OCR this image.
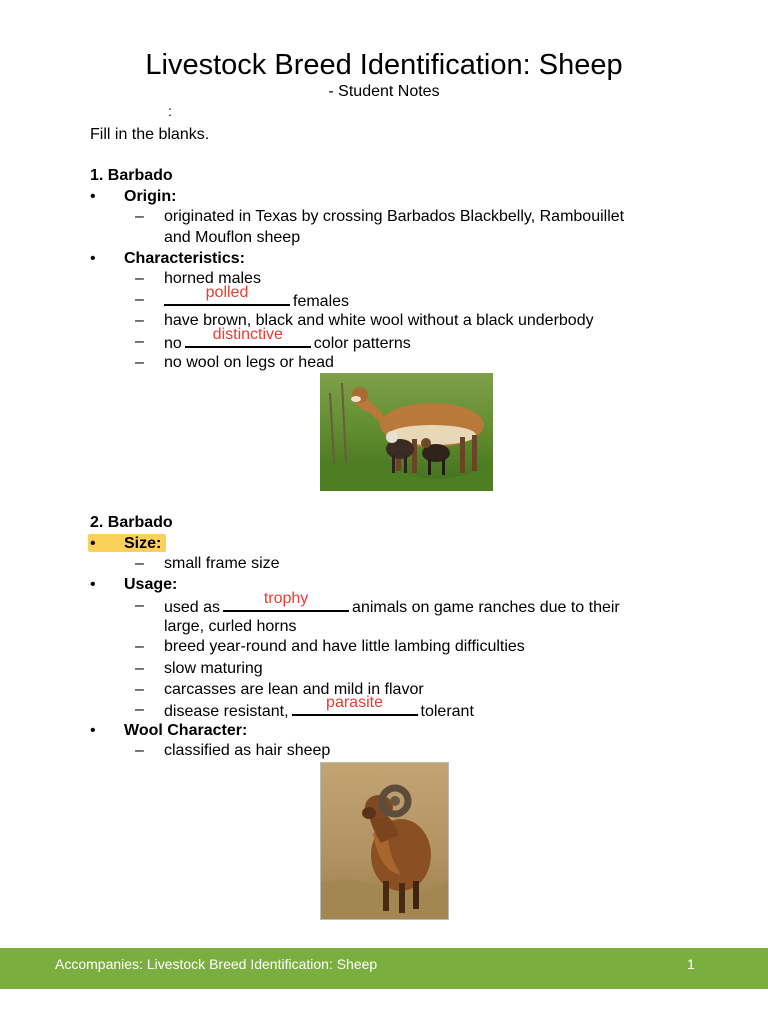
Livestock Breed Identification: Sheep
- Student Notes
:
Fill in the blanks.
1. Barbado
• Origin:
– originated in Texas by crossing Barbados Blackbelly, Rambouillet
and Mouflon sheep
• Characteristics:
– horned males
–	polled
females
– have brown, black and white wool without a black underbody
– no
distinctive
color patterns
– no wool on legs or head
2. Barbado
• Size:
– small frame size
• Usage:
– used as
trophy
animals on game ranches due to their
large, curled horns
– breed year-round and have little lambing difficulties
– slow maturing
– carcasses are lean and mild in flavor
– disease resistant,
parasite
tolerant
• Wool Character:
– classified as hair sheep
Accompanies: Livestock Breed Identification: Sheep	1
